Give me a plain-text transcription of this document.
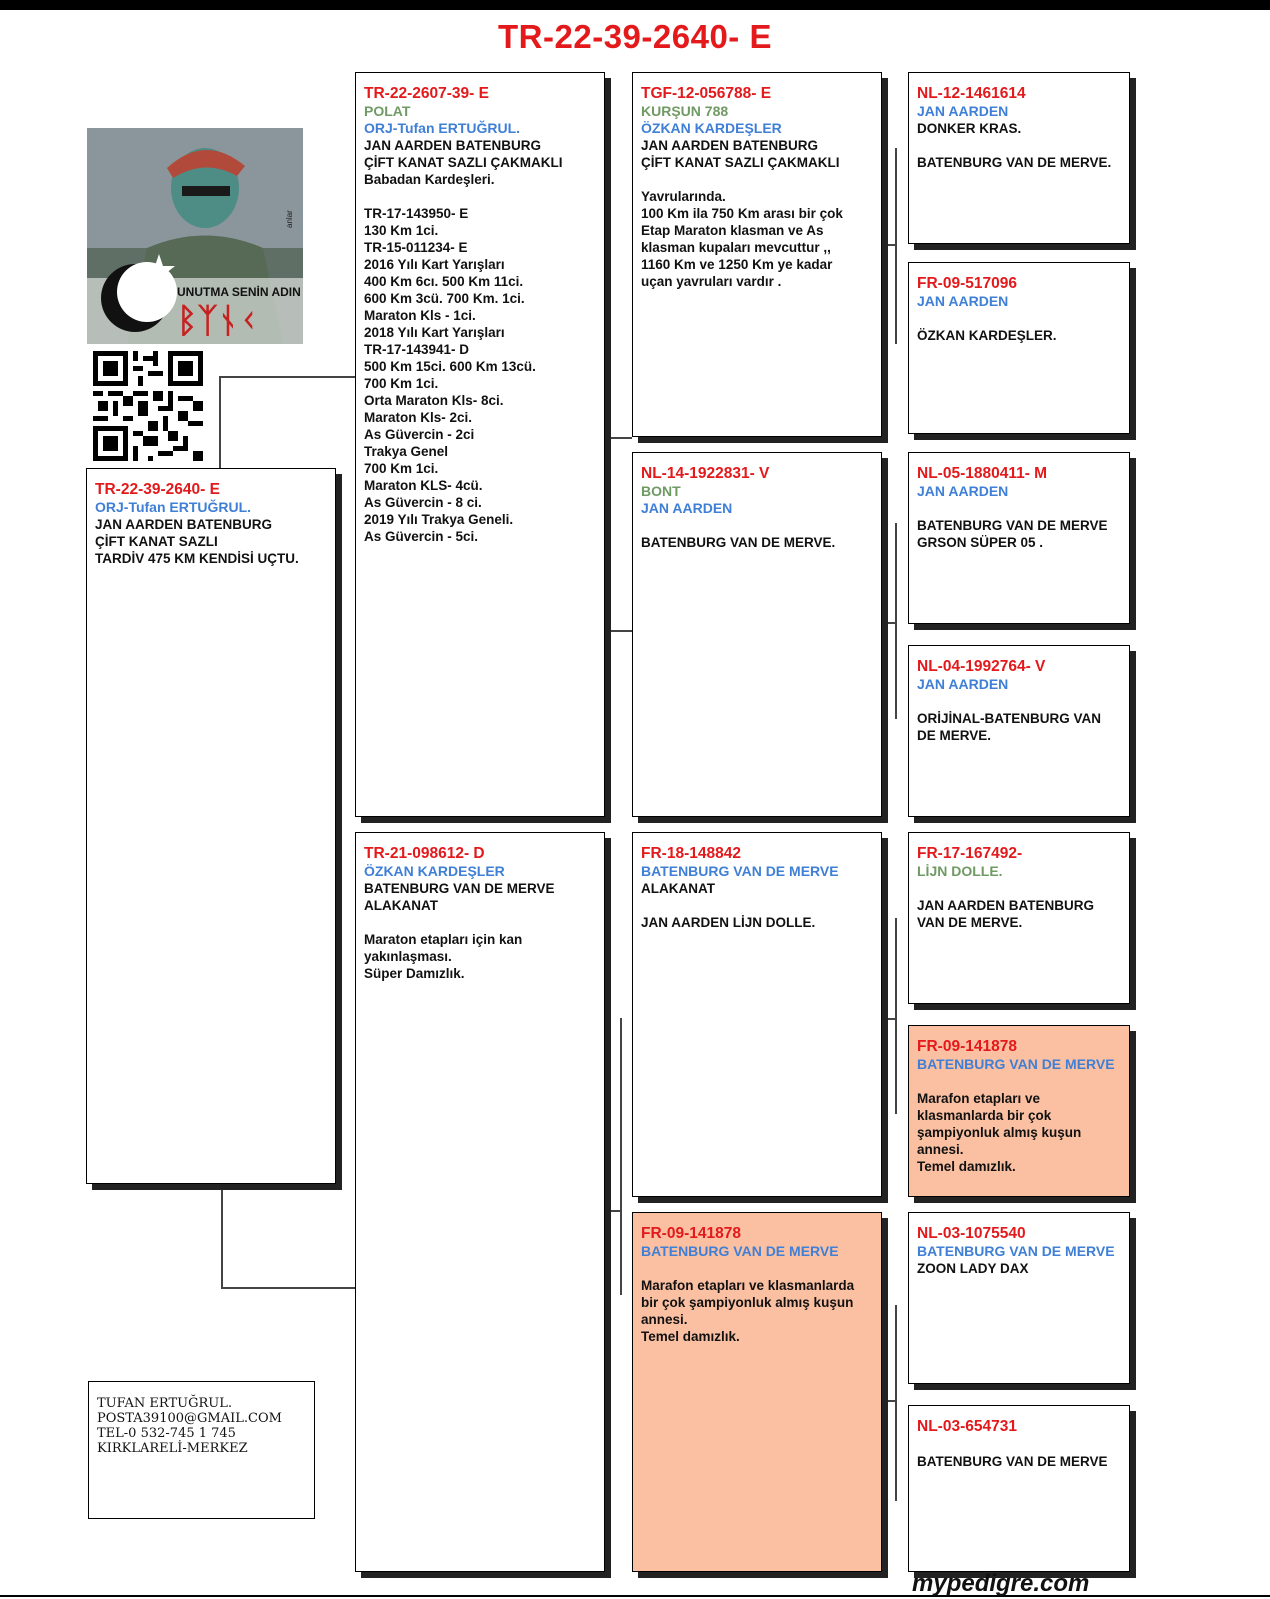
TR-22-39-2640- E
UNUTMA SENİN ADIN
ᛒᛉᚾᚲ
anlar
TR-22-39-2640- E
ORJ-Tufan ERTUĞRUL.
JAN AARDEN BATENBURG
ÇİFT KANAT SAZLI
TARDİV 475 KM KENDİSİ UÇTU.
TR-22-2607-39- E
POLAT
ORJ-Tufan ERTUĞRUL.
JAN AARDEN BATENBURG
ÇİFT KANAT SAZLI ÇAKMAKLI
Babadan Kardeşleri.
TR-17-143950- E
130 Km 1ci.
TR-15-011234- E
2016 Yılı Kart Yarışları
400 Km 6cı. 500 Km 11ci.
600 Km 3cü. 700 Km. 1ci.
Maraton Kls - 1ci.
2018 Yılı Kart Yarışları
TR-17-143941- D
500 Km 15ci. 600 Km 13cü.
700 Km 1ci.
Orta Maraton Kls- 8ci.
Maraton Kls- 2ci.
As Güvercin - 2ci
Trakya Genel
700 Km 1ci.
Maraton KLS- 4cü.
As Güvercin - 8 ci.
2019 Yılı Trakya Geneli.
As Güvercin - 5ci.
TR-21-098612- D
ÖZKAN KARDEŞLER
BATENBURG VAN DE MERVE
ALAKANAT
Maraton etapları için kan
yakınlaşması.
Süper Damızlık.
TGF-12-056788- E
KURŞUN 788
ÖZKAN KARDEŞLER
JAN AARDEN BATENBURG
ÇİFT KANAT SAZLI ÇAKMAKLI
Yavrularında.
100 Km ila 750 Km arası bir çok
Etap Maraton klasman ve As
klasman kupaları mevcuttur ,,
1160 Km ve 1250 Km ye kadar
uçan yavruları vardır .
NL-14-1922831- V
BONT
JAN AARDEN
BATENBURG VAN DE MERVE.
FR-18-148842
BATENBURG VAN DE MERVE
ALAKANAT
JAN AARDEN LİJN DOLLE.
FR-09-141878
BATENBURG VAN DE MERVE
Marafon etapları ve klasmanlarda
bir çok şampiyonluk almış kuşun
annesi.
Temel damızlık.
NL-12-1461614
JAN AARDEN
DONKER KRAS.
BATENBURG VAN DE MERVE.
FR-09-517096
JAN AARDEN
ÖZKAN KARDEŞLER.
NL-05-1880411- M
JAN AARDEN
BATENBURG VAN DE MERVE
GRSON SÜPER 05 .
NL-04-1992764- V
JAN AARDEN
ORİJİNAL-BATENBURG VAN
DE MERVE.
FR-17-167492-
LİJN DOLLE.
JAN AARDEN BATENBURG
VAN DE MERVE.
FR-09-141878
BATENBURG VAN DE MERVE
Marafon etapları ve
klasmanlarda bir çok
şampiyonluk almış kuşun
annesi.
Temel damızlık.
NL-03-1075540
BATENBURG VAN DE MERVE
ZOON LADY DAX
NL-03-654731
BATENBURG VAN DE MERVE
TUFAN ERTUĞRUL.
POSTA39100@GMAIL.COM
TEL-0 532-745 1 745
KIRKLARELİ-MERKEZ
mypedigre.com
